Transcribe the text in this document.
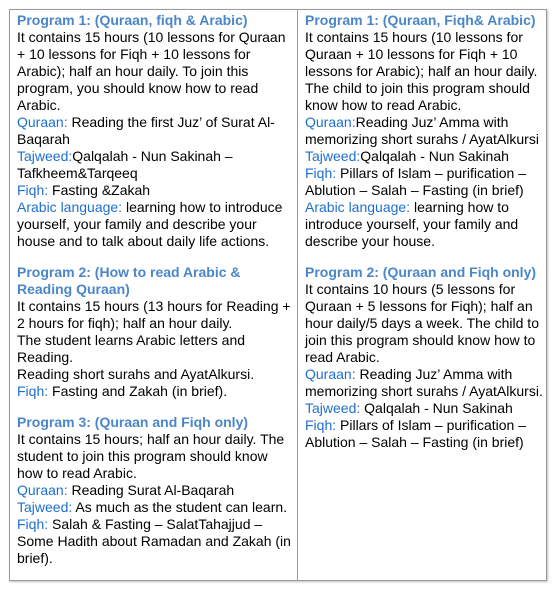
Program 1: (Quraan, fiqh & Arabic)

It contains 15 hours (10 lessons for Quraan + 10 lessons for Fiqh + 10 lessons for Arabic); half an hour daily. To join this program, you should know how to read Arabic.

Quraan: Reading the first Juz’ of Surat Al-Baqarah

Tajweed:Qalqalah - Nun Sakinah – Tafkheem&Tarqeeq

Fiqh: Fasting &Zakah

Arabic language: learning how to introduce yourself, your family and describe your house and to talk about daily life actions.

Program 2: (How to read Arabic & Reading Quraan)

It contains 15 hours (13 hours for Reading + 2 hours for fiqh); half an hour daily.

The student learns Arabic letters and Reading.

Reading short surahs and AyatAlkursi.

Fiqh: Fasting and Zakah (in brief).

Program 3: (Quraan and Fiqh only)

It contains 15 hours; half an hour daily. The student to join this program should know how to read Arabic.

Quraan: Reading Surat Al-Baqarah

Tajweed: As much as the student can learn.

Fiqh: Salah & Fasting – SalatTahajjud – Some Hadith about Ramadan and Zakah (in brief).

Program 1: (Quraan, Fiqh& Arabic)

It contains 15 hours (10 lessons for Quraan + 10 lessons for Fiqh + 10 lessons for Arabic); half an hour daily. The child to join this program should know how to read Arabic.

Quraan:Reading Juz’ Amma with memorizing short surahs / AyatAlkursi

Tajweed:Qalqalah - Nun Sakinah

Fiqh: Pillars of Islam – purification – Ablution – Salah – Fasting (in brief)

Arabic language: learning how to introduce yourself, your family and describe your house.

Program 2: (Quraan and Fiqh only)

It contains 10 hours (5 lessons for Quraan + 5 lessons for Fiqh); half an hour daily/5 days a week. The child to join this program should know how to read Arabic.

Quraan: Reading Juz’ Amma with memorizing short surahs / AyatAlkursi.

Tajweed: Qalqalah - Nun Sakinah

Fiqh: Pillars of Islam – purification – Ablution – Salah – Fasting (in brief)
